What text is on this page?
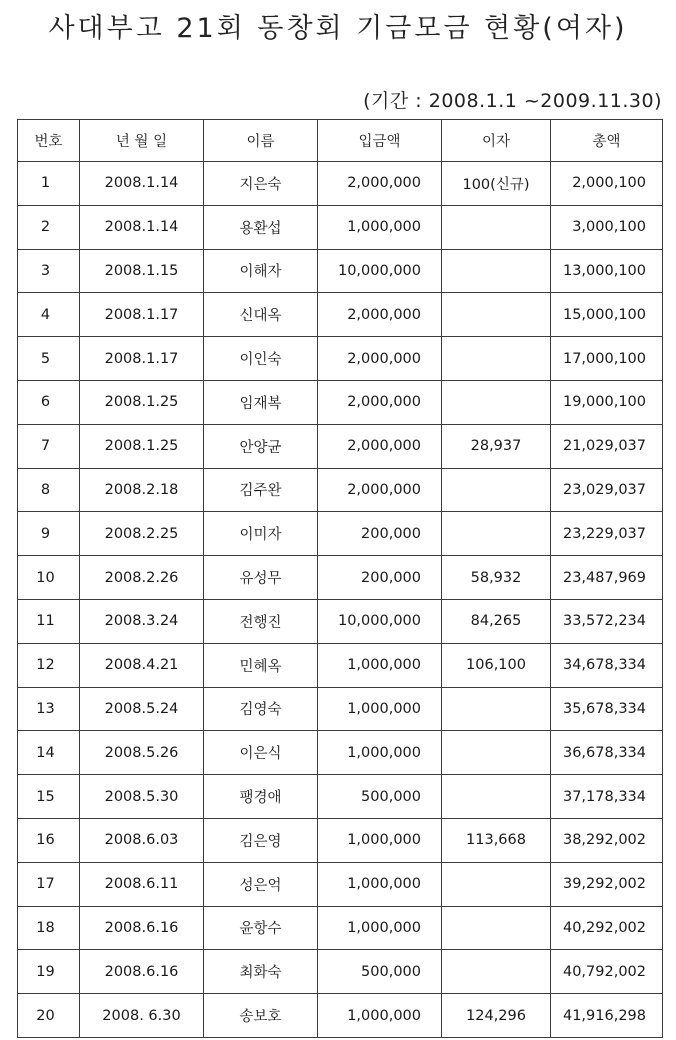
사대부고 21회 동창회 기금모금 현황(여자)
(기간 : 2008.1.1 ~2009.11.30)
번호	년 월 일	이름	입금액	이자	총액
1	2008.1.14	지은숙	2,000,000	100(신규)	2,000,100
2	2008.1.14	용환섭	1,000,000		3,000,100
3	2008.1.15	이해자	10,000,000		13,000,100
4	2008.1.17	신대옥	2,000,000		15,000,100
5	2008.1.17	이인숙	2,000,000		17,000,100
6	2008.1.25	임재복	2,000,000		19,000,100
7	2008.1.25	안양균	2,000,000	28,937	21,029,037
8	2008.2.18	김주완	2,000,000		23,029,037
9	2008.2.25	이미자	200,000		23,229,037
10	2008.2.26	유성무	200,000	58,932	23,487,969
11	2008.3.24	전행진	10,000,000	84,265	33,572,234
12	2008.4.21	민혜옥	1,000,000	106,100	34,678,334
13	2008.5.24	김영숙	1,000,000		35,678,334
14	2008.5.26	이은식	1,000,000		36,678,334
15	2008.5.30	팽경애	500,000		37,178,334
16	2008.6.03	김은영	1,000,000	113,668	38,292,002
17	2008.6.11	성은억	1,000,000		39,292,002
18	2008.6.16	윤항수	1,000,000		40,292,002
19	2008.6.16	최화숙	500,000		40,792,002
20	2008. 6.30	송보호	1,000,000	124,296	41,916,298
